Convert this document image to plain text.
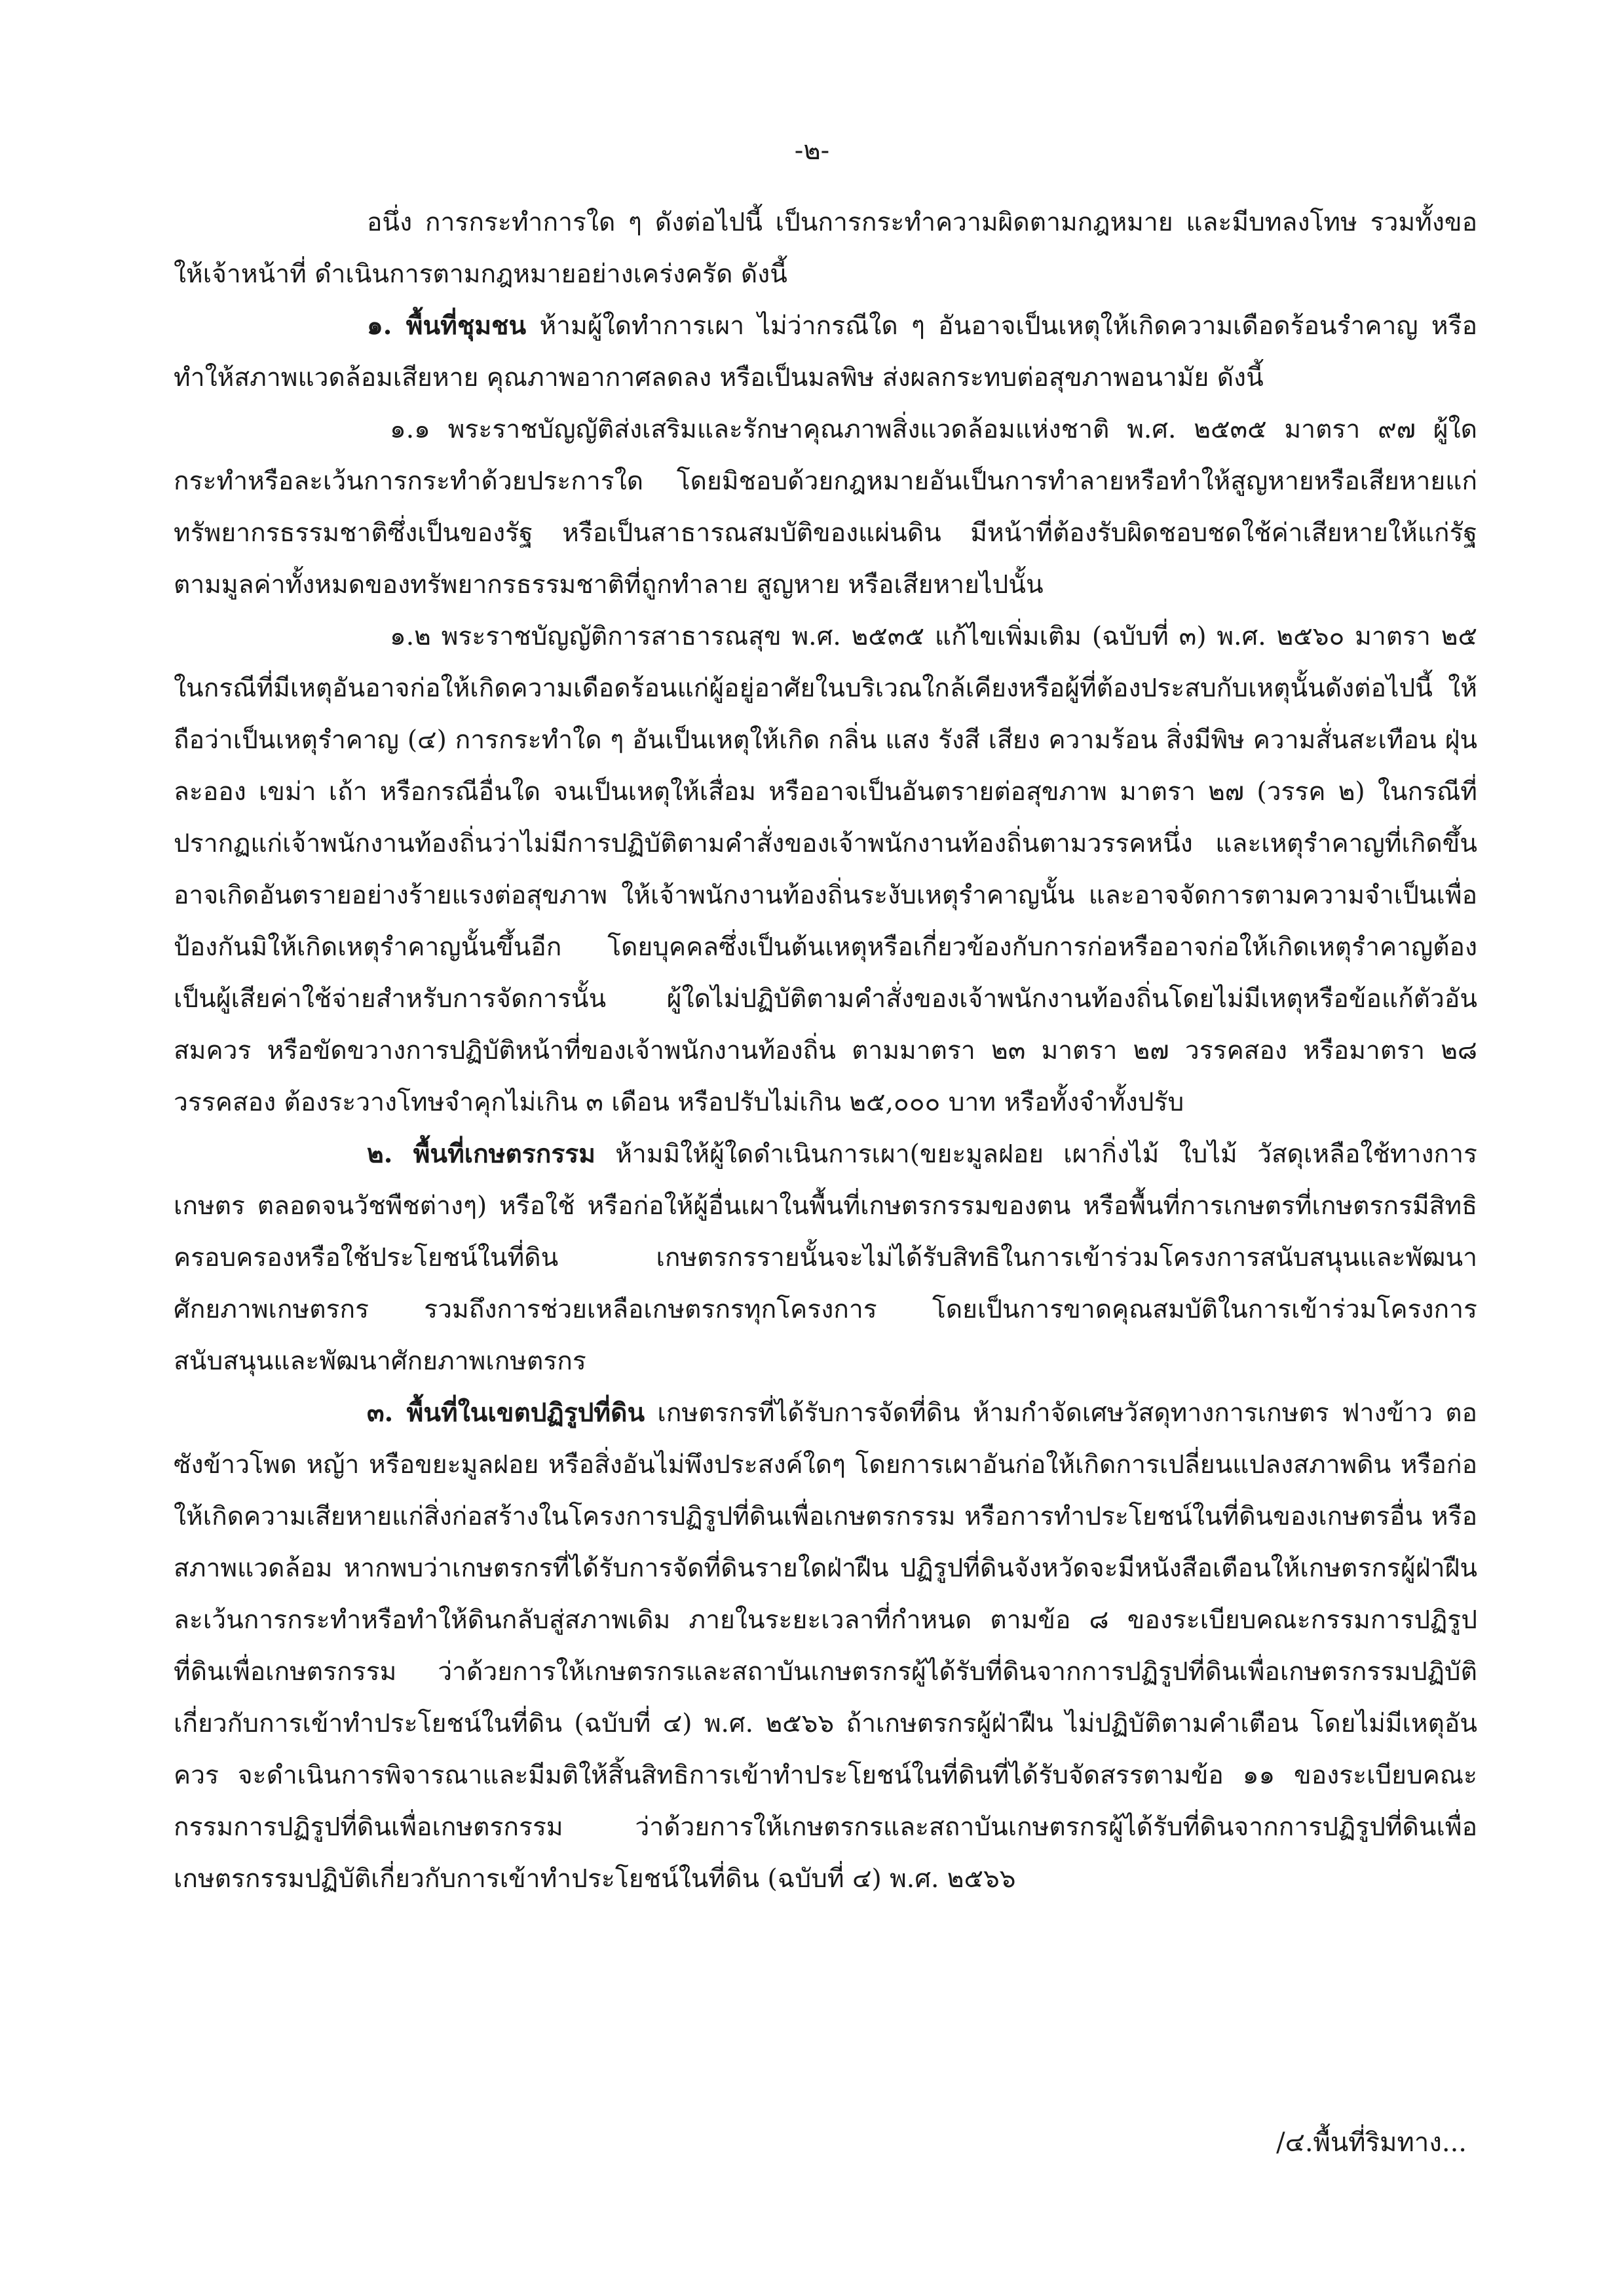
-๒-

อนึ่ง การกระทำการใด ๆ ดังต่อไปนี้ เป็นการกระทำความผิดตามกฎหมาย และมีบทลงโทษ รวมทั้งขอให้เจ้าหน้าที่ ดำเนินการตามกฎหมายอย่างเคร่งครัด ดังนี้

๑. พื้นที่ชุมชน ห้ามผู้ใดทำการเผา ไม่ว่ากรณีใด ๆ อันอาจเป็นเหตุให้เกิดความเดือดร้อนรำคาญ หรือทำให้สภาพแวดล้อมเสียหาย คุณภาพอากาศลดลง หรือเป็นมลพิษ ส่งผลกระทบต่อสุขภาพอนามัย ดังนี้

๑.๑ พระราชบัญญัติส่งเสริมและรักษาคุณภาพสิ่งแวดล้อมแห่งชาติ พ.ศ. ๒๕๓๕ มาตรา ๙๗ ผู้ใดกระทำหรือละเว้นการกระทำด้วยประการใด โดยมิชอบด้วยกฎหมายอันเป็นการทำลายหรือทำให้สูญหายหรือเสียหายแก่ทรัพยากรธรรมชาติซึ่งเป็นของรัฐ หรือเป็นสาธารณสมบัติของแผ่นดิน มีหน้าที่ต้องรับผิดชอบชดใช้ค่าเสียหายให้แก่รัฐตามมูลค่าทั้งหมดของทรัพยากรธรรมชาติที่ถูกทำลาย สูญหาย หรือเสียหายไปนั้น

๑.๒ พระราชบัญญัติการสาธารณสุข พ.ศ. ๒๕๓๕ แก้ไขเพิ่มเติม (ฉบับที่ ๓) พ.ศ. ๒๕๖๐ มาตรา ๒๕ ในกรณีที่มีเหตุอันอาจก่อให้เกิดความเดือดร้อนแก่ผู้อยู่อาศัยในบริเวณใกล้เคียงหรือผู้ที่ต้องประสบกับเหตุนั้นดังต่อไปนี้ ให้ถือว่าเป็นเหตุรำคาญ (๔) การกระทำใด ๆ อันเป็นเหตุให้เกิด กลิ่น แสง รังสี เสียง ความร้อน สิ่งมีพิษ ความสั่นสะเทือน ฝุ่นละออง เขม่า เถ้า หรือกรณีอื่นใด จนเป็นเหตุให้เสื่อม หรืออาจเป็นอันตรายต่อสุขภาพ มาตรา ๒๗ (วรรค ๒) ในกรณีที่ปรากฏแก่เจ้าพนักงานท้องถิ่นว่าไม่มีการปฏิบัติตามคำสั่งของเจ้าพนักงานท้องถิ่นตามวรรคหนึ่ง และเหตุรำคาญที่เกิดขึ้นอาจเกิดอันตรายอย่างร้ายแรงต่อสุขภาพ ให้เจ้าพนักงานท้องถิ่นระงับเหตุรำคาญนั้น และอาจจัดการตามความจำเป็นเพื่อป้องกันมิให้เกิดเหตุรำคาญนั้นขึ้นอีก โดยบุคคลซึ่งเป็นต้นเหตุหรือเกี่ยวข้องกับการก่อหรืออาจก่อให้เกิดเหตุรำคาญต้องเป็นผู้เสียค่าใช้จ่ายสำหรับการจัดการนั้น ผู้ใดไม่ปฏิบัติตามคำสั่งของเจ้าพนักงานท้องถิ่นโดยไม่มีเหตุหรือข้อแก้ตัวอันสมควร หรือขัดขวางการปฏิบัติหน้าที่ของเจ้าพนักงานท้องถิ่น ตามมาตรา ๒๓ มาตรา ๒๗ วรรคสอง หรือมาตรา ๒๘ วรรคสอง ต้องระวางโทษจำคุกไม่เกิน ๓ เดือน หรือปรับไม่เกิน ๒๕,๐๐๐ บาท หรือทั้งจำทั้งปรับ

๒. พื้นที่เกษตรกรรม ห้ามมิให้ผู้ใดดำเนินการเผา(ขยะมูลฝอย เผากิ่งไม้ ใบไม้ วัสดุเหลือใช้ทางการเกษตร ตลอดจนวัชพืชต่างๆ) หรือใช้ หรือก่อให้ผู้อื่นเผาในพื้นที่เกษตรกรรมของตน หรือพื้นที่การเกษตรที่เกษตรกรมีสิทธิครอบครองหรือใช้ประโยชน์ในที่ดิน เกษตรกรรายนั้นจะไม่ได้รับสิทธิในการเข้าร่วมโครงการสนับสนุนและพัฒนาศักยภาพเกษตรกร รวมถึงการช่วยเหลือเกษตรกรทุกโครงการ โดยเป็นการขาดคุณสมบัติในการเข้าร่วมโครงการสนับสนุนและพัฒนาศักยภาพเกษตรกร

๓. พื้นที่ในเขตปฏิรูปที่ดิน เกษตรกรที่ได้รับการจัดที่ดิน ห้ามกำจัดเศษวัสดุทางการเกษตร ฟางข้าว ตอซังข้าวโพด หญ้า หรือขยะมูลฝอย หรือสิ่งอันไม่พึงประสงค์ใดๆ โดยการเผาอันก่อให้เกิดการเปลี่ยนแปลงสภาพดิน หรือก่อให้เกิดความเสียหายแก่สิ่งก่อสร้างในโครงการปฏิรูปที่ดินเพื่อเกษตรกรรม หรือการทำประโยชน์ในที่ดินของเกษตรอื่น หรือสภาพแวดล้อม หากพบว่าเกษตรกรที่ได้รับการจัดที่ดินรายใดฝ่าฝืน ปฏิรูปที่ดินจังหวัดจะมีหนังสือเตือนให้เกษตรกรผู้ฝ่าฝืนละเว้นการกระทำหรือทำให้ดินกลับสู่สภาพเดิม ภายในระยะเวลาที่กำหนด ตามข้อ ๘ ของระเบียบคณะกรรมการปฏิรูปที่ดินเพื่อเกษตรกรรม ว่าด้วยการให้เกษตรกรและสถาบันเกษตรกรผู้ได้รับที่ดินจากการปฏิรูปที่ดินเพื่อเกษตรกรรมปฏิบัติเกี่ยวกับการเข้าทำประโยชน์ในที่ดิน (ฉบับที่ ๔) พ.ศ. ๒๕๖๖ ถ้าเกษตรกรผู้ฝ่าฝืน ไม่ปฏิบัติตามคำเตือน โดยไม่มีเหตุอันควร จะดำเนินการพิจารณาและมีมติให้สิ้นสิทธิการเข้าทำประโยชน์ในที่ดินที่ได้รับจัดสรรตามข้อ ๑๑ ของระเบียบคณะกรรมการปฏิรูปที่ดินเพื่อเกษตรกรรม ว่าด้วยการให้เกษตรกรและสถาบันเกษตรกรผู้ได้รับที่ดินจากการปฏิรูปที่ดินเพื่อเกษตรกรรมปฏิบัติเกี่ยวกับการเข้าทำประโยชน์ในที่ดิน (ฉบับที่ ๔) พ.ศ. ๒๕๖๖

/๔.พื้นที่ริมทาง...
